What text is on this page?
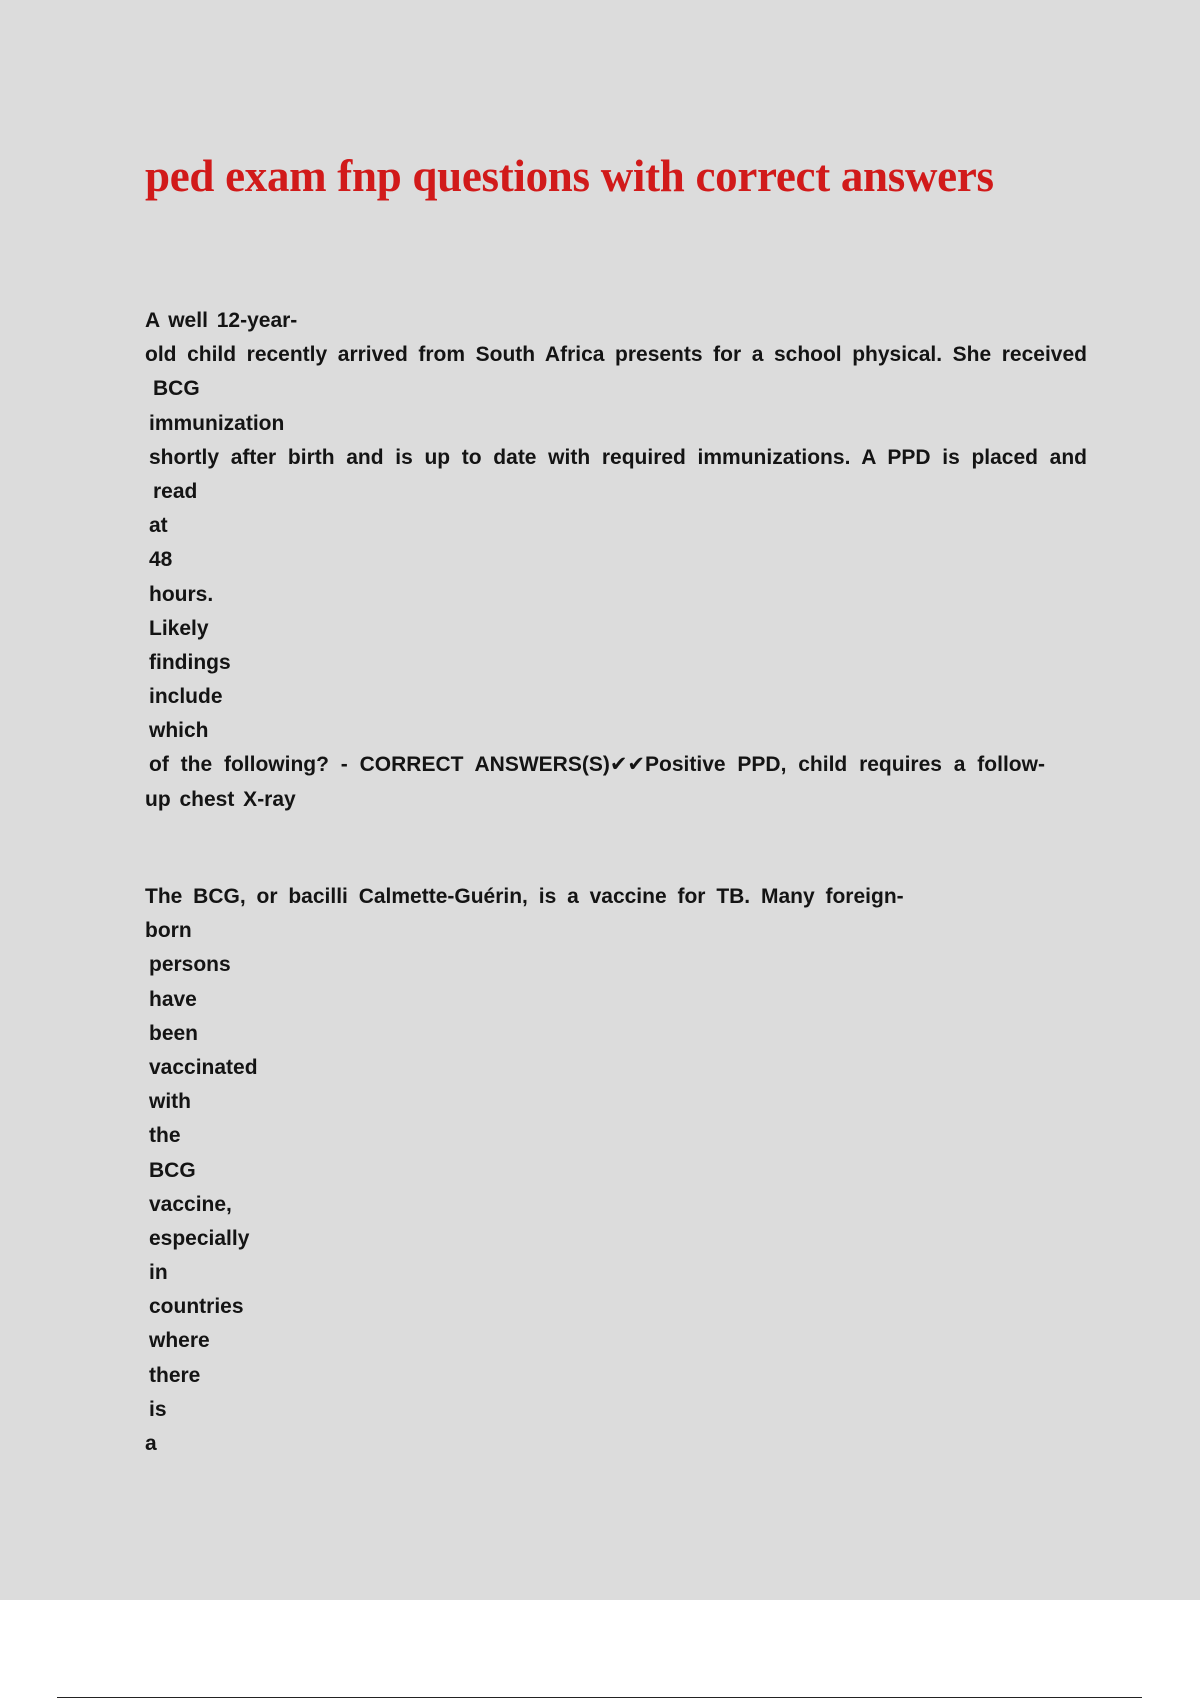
ped exam fnp questions with correct answers
A well 12-year-
old child recently arrived from South Africa presents for a school physical. She received
BCG
immunization
shortly after birth and is up to date with required immunizations. A PPD is placed and
read
at
48
hours.
Likely
findings
include
which
of the following? - CORRECT ANSWERS(S)✔✔Positive PPD, child requires a follow-
up chest X-ray
The BCG, or bacilli Calmette-Guérin, is a vaccine for TB. Many foreign-
born
persons
have
been
vaccinated
with
the
BCG
vaccine,
especially
in
countries
where
there
is
a
